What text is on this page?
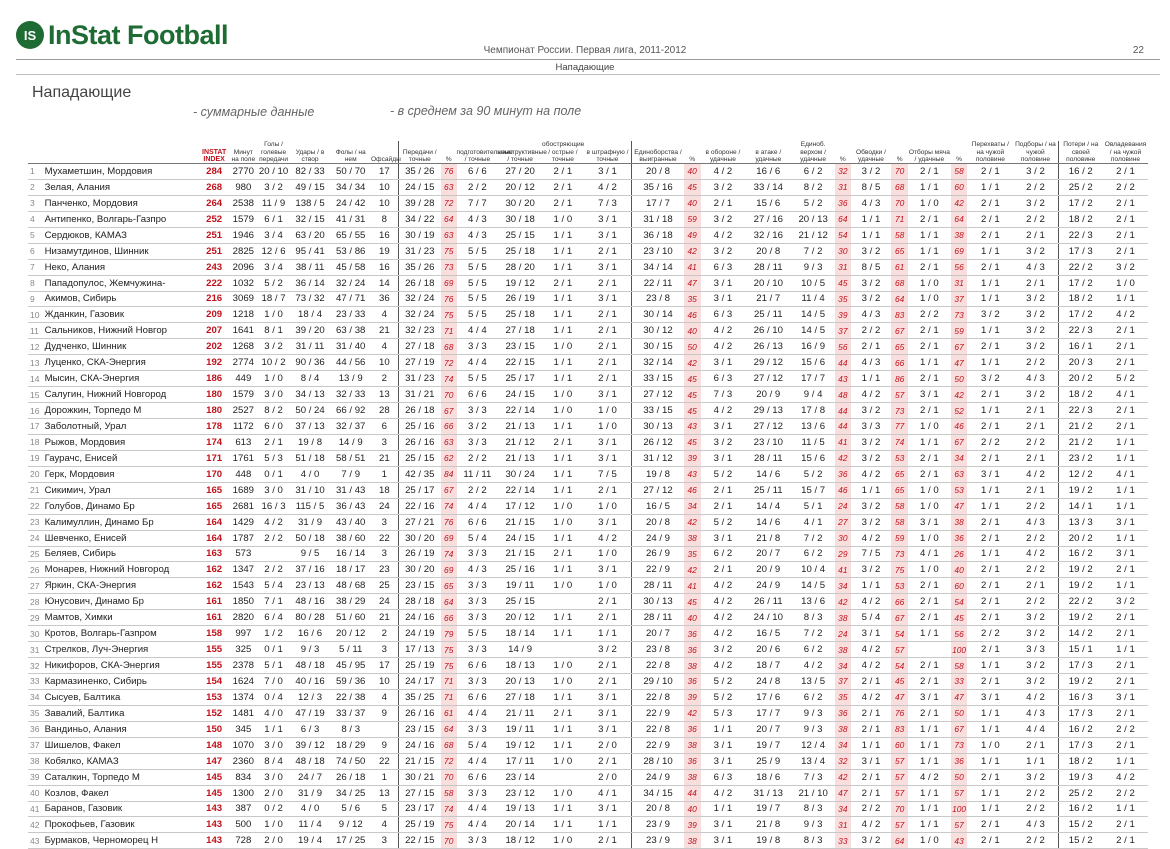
IS InStat Football
Чемпионат России. Первая лига, 2011-2012	22
Нападающие
Нападающие
- суммарные данные	- в среднем за 90 минут на поле
		INSTAT INDEX	Минут на поле	Голы / голевые передачи	Удары / в створ	Фолы / на нем	Офсайды	Передачи / точные	%	подготовительные / точные	конструктивные / точные	обостряющие / острые / точные	в штрафную / точные	Единоборства / выигранные	%	в обороне / удачные	в атаке / удачные	Единоб. верхом / удачные	%	Обводки / удачные	%	Отборы мяча / удачные	%	Перехваты / на чужой половине	Подборы / на чужой половине	Потери / на своей половине	Овладевания / на чужой половине
1	Мухаметшин, Мордовия	284	2770	20 / 10	82 / 33	50 / 70	17	35 / 26	76	6 / 6	27 / 20	2 / 1	3 / 1	20 / 8	40	4 / 2	16 / 6	6 / 2	32	3 / 2	70	2 / 1	58	2 / 1	3 / 2	16 / 2	2 / 1
2	Зелая, Алания	268	980	3 / 2	49 / 15	34 / 34	10	24 / 15	63	2 / 2	20 / 12	2 / 1	4 / 2	35 / 16	45	3 / 2	33 / 14	8 / 2	31	8 / 5	68	1 / 1	60	1 / 1	2 / 2	25 / 2	2 / 2
3	Панченко, Мордовия	264	2538	11 / 9	138 / 5	24 / 42	10	39 / 28	72	7 / 7	30 / 20	2 / 1	7 / 3	17 / 7	40	2 / 1	15 / 6	5 / 2	36	4 / 3	70	1 / 0	42	2 / 1	3 / 2	17 / 2	2 / 1
4	Антипенко, Волгарь-Газпро	252	1579	6 / 1	32 / 15	41 / 31	8	34 / 22	64	4 / 3	30 / 18	1 / 0	3 / 1	31 / 18	59	3 / 2	27 / 16	20 / 13	64	1 / 1	71	2 / 1	64	2 / 1	2 / 2	18 / 2	2 / 1
5	Сердюков, КАМАЗ	251	1946	3 / 4	63 / 20	65 / 55	16	30 / 19	63	4 / 3	25 / 15	1 / 1	3 / 1	36 / 18	49	4 / 2	32 / 16	21 / 12	54	1 / 1	58	1 / 1	38	2 / 1	2 / 1	22 / 3	2 / 1
6	Низамутдинов, Шинник	251	2825	12 / 6	95 / 41	53 / 86	19	31 / 23	75	5 / 5	25 / 18	1 / 1	2 / 1	23 / 10	42	3 / 2	20 / 8	7 / 2	30	3 / 2	65	1 / 1	69	1 / 1	3 / 2	17 / 3	2 / 1
7	Неко, Алания	243	2096	3 / 4	38 / 11	45 / 58	16	35 / 26	73	5 / 5	28 / 20	1 / 1	3 / 1	34 / 14	41	6 / 3	28 / 11	9 / 3	31	8 / 5	61	2 / 1	56	2 / 1	4 / 3	22 / 2	3 / 2
8	Пападопулос, Жемчужина-	222	1032	5 / 2	36 / 14	32 / 24	14	26 / 18	69	5 / 5	19 / 12	2 / 1	2 / 1	22 / 11	47	3 / 1	20 / 10	10 / 5	45	3 / 2	68	1 / 0	31	1 / 1	2 / 1	17 / 2	1 / 0
9	Акимов, Сибирь	216	3069	18 / 7	73 / 32	47 / 71	36	32 / 24	76	5 / 5	26 / 19	1 / 1	3 / 1	23 / 8	35	3 / 1	21 / 7	11 / 4	35	3 / 2	64	1 / 0	37	1 / 1	3 / 2	18 / 2	1 / 1
10	Жданкин, Газовик	209	1218	1 / 0	18 / 4	23 / 33	4	32 / 24	75	5 / 5	25 / 18	1 / 1	2 / 1	30 / 14	46	6 / 3	25 / 11	14 / 5	39	4 / 3	83	2 / 2	73	3 / 2	3 / 2	17 / 2	4 / 2
11	Сальников, Нижний Новгор	207	1641	8 / 1	39 / 20	63 / 38	21	32 / 23	71	4 / 4	27 / 18	1 / 1	2 / 1	30 / 12	40	4 / 2	26 / 10	14 / 5	37	2 / 2	67	2 / 1	59	1 / 1	3 / 2	22 / 3	2 / 1
12	Дудченко, Шинник	202	1268	3 / 2	31 / 11	31 / 40	4	27 / 18	68	3 / 3	23 / 15	1 / 0	2 / 1	30 / 15	50	4 / 2	26 / 13	16 / 9	56	2 / 1	65	2 / 1	67	2 / 1	3 / 2	16 / 1	2 / 1
13	Луценко, СКА-Энергия	192	2774	10 / 2	90 / 36	44 / 56	10	27 / 19	72	4 / 4	22 / 15	1 / 1	2 / 1	32 / 14	42	3 / 1	29 / 12	15 / 6	44	4 / 3	66	1 / 1	47	1 / 1	2 / 2	20 / 3	2 / 1
14	Мысин, СКА-Энергия	186	449	1 / 0	8 / 4	13 / 9	2	31 / 23	74	5 / 5	25 / 17	1 / 1	2 / 1	33 / 15	45	6 / 3	27 / 12	17 / 7	43	1 / 1	86	2 / 1	50	3 / 2	4 / 3	20 / 2	5 / 2
15	Салугин, Нижний Новгород	180	1579	3 / 0	34 / 13	32 / 33	13	31 / 21	70	6 / 6	24 / 15	1 / 0	3 / 1	27 / 12	45	7 / 3	20 / 9	9 / 4	48	4 / 2	57	3 / 1	42	2 / 1	3 / 2	18 / 2	4 / 1
16	Дорожкин, Торпедо М	180	2527	8 / 2	50 / 24	66 / 92	28	26 / 18	67	3 / 3	22 / 14	1 / 0	1 / 0	33 / 15	45	4 / 2	29 / 13	17 / 8	44	3 / 2	73	2 / 1	52	1 / 1	2 / 1	22 / 3	2 / 1
17	Заболотный, Урал	178	1172	6 / 0	37 / 13	32 / 37	6	25 / 16	66	3 / 2	21 / 13	1 / 1	1 / 0	30 / 13	43	3 / 1	27 / 12	13 / 6	44	3 / 3	77	1 / 0	46	2 / 1	2 / 1	21 / 2	2 / 1
18	Рыжов, Мордовия	174	613	2 / 1	19 / 8	14 / 9	3	26 / 16	63	3 / 3	21 / 12	2 / 1	3 / 1	26 / 12	45	3 / 2	23 / 10	11 / 5	41	3 / 2	74	1 / 1	67	2 / 2	2 / 2	21 / 2	1 / 1
19	Гаурачс, Енисей	171	1761	5 / 3	51 / 18	58 / 51	21	25 / 15	62	2 / 2	21 / 13	1 / 1	3 / 1	31 / 12	39	3 / 1	28 / 11	15 / 6	42	3 / 2	53	2 / 1	34	2 / 1	2 / 1	23 / 2	1 / 1
20	Герк, Мордовия	170	448	0 / 1	4 / 0	7 / 9	1	42 / 35	84	11 / 11	30 / 24	1 / 1	7 / 5	19 / 8	43	5 / 2	14 / 6	5 / 2	36	4 / 2	65	2 / 1	63	3 / 1	4 / 2	12 / 2	4 / 1
21	Сикимич, Урал	165	1689	3 / 0	31 / 10	31 / 43	18	25 / 17	67	2 / 2	22 / 14	1 / 1	2 / 1	27 / 12	46	2 / 1	25 / 11	15 / 7	46	1 / 1	65	1 / 0	53	1 / 1	2 / 1	19 / 2	1 / 1
22	Голубов, Динамо Бр	165	2681	16 / 3	115 / 5	36 / 43	24	22 / 16	74	4 / 4	17 / 12	1 / 0	1 / 0	16 / 5	34	2 / 1	14 / 4	5 / 1	24	3 / 2	58	1 / 0	47	1 / 1	2 / 2	14 / 1	1 / 1
23	Калимуллин, Динамо Бр	164	1429	4 / 2	31 / 9	43 / 40	3	27 / 21	76	6 / 6	21 / 15	1 / 0	3 / 1	20 / 8	42	5 / 2	14 / 6	4 / 1	27	3 / 2	58	3 / 1	38	2 / 1	4 / 3	13 / 3	3 / 1
24	Шевченко, Енисей	164	1787	2 / 2	50 / 18	38 / 60	22	30 / 20	69	5 / 4	24 / 15	1 / 1	4 / 2	24 / 9	38	3 / 1	21 / 8	7 / 2	30	4 / 2	59	1 / 0	36	2 / 1	2 / 2	20 / 2	1 / 1
25	Беляев, Сибирь	163	573		9 / 5	16 / 14	3	26 / 19	74	3 / 3	21 / 15	2 / 1	1 / 0	26 / 9	35	6 / 2	20 / 7	6 / 2	29	7 / 5	73	4 / 1	26	1 / 1	4 / 2	16 / 2	3 / 1
26	Монарев, Нижний Новгород	162	1347	2 / 2	37 / 16	18 / 17	23	30 / 20	69	4 / 3	25 / 16	1 / 1	3 / 1	22 / 9	42	2 / 1	20 / 9	10 / 4	41	3 / 2	75	1 / 0	40	2 / 1	2 / 2	19 / 2	2 / 1
27	Яркин, СКА-Энергия	162	1543	5 / 4	23 / 13	48 / 68	25	23 / 15	65	3 / 3	19 / 11	1 / 0	1 / 0	28 / 11	41	4 / 2	24 / 9	14 / 5	34	1 / 1	53	2 / 1	60	2 / 1	2 / 1	19 / 2	1 / 1
28	Юнусович, Динамо Бр	161	1850	7 / 1	48 / 16	38 / 29	24	28 / 18	64	3 / 3	25 / 15		2 / 1	30 / 13	45	4 / 2	26 / 11	13 / 6	42	4 / 2	66	2 / 1	54	2 / 1	2 / 2	22 / 2	3 / 2
29	Мамтов, Химки	161	2820	6 / 4	80 / 28	51 / 60	21	24 / 16	66	3 / 3	20 / 12	1 / 1	2 / 1	28 / 11	40	4 / 2	24 / 10	8 / 3	38	5 / 4	67	2 / 1	45	2 / 1	3 / 2	19 / 2	2 / 1
30	Кротов, Волгарь-Газпром	158	997	1 / 2	16 / 6	20 / 12	2	24 / 19	79	5 / 5	18 / 14	1 / 1	1 / 1	20 / 7	36	4 / 2	16 / 5	7 / 2	24	3 / 1	54	1 / 1	56	2 / 2	3 / 2	14 / 2	2 / 1
31	Стрелков, Луч-Энергия	155	325	0 / 1	9 / 3	5 / 11	3	17 / 13	75	3 / 3	14 / 9		3 / 2	23 / 8	36	3 / 2	20 / 6	6 / 2	38	4 / 2	57		100	2 / 1	3 / 3	15 / 1	1 / 1
32	Никифоров, СКА-Энергия	155	2378	5 / 1	48 / 18	45 / 95	17	25 / 19	75	6 / 6	18 / 13	1 / 0	2 / 1	22 / 8	38	4 / 2	18 / 7	4 / 2	34	4 / 2	54	2 / 1	58	1 / 1	3 / 2	17 / 3	2 / 1
33	Кармазиненко, Сибирь	154	1624	7 / 0	40 / 16	59 / 36	10	24 / 17	71	3 / 3	20 / 13	1 / 0	2 / 1	29 / 10	36	5 / 2	24 / 8	13 / 5	37	2 / 1	45	2 / 1	33	2 / 1	3 / 2	19 / 2	2 / 1
34	Сысуев, Балтика	153	1374	0 / 4	12 / 3	22 / 38	4	35 / 25	71	6 / 6	27 / 18	1 / 1	3 / 1	22 / 8	39	5 / 2	17 / 6	6 / 2	35	4 / 2	47	3 / 1	47	3 / 1	4 / 2	16 / 3	3 / 1
35	Завалий, Балтика	152	1481	4 / 0	47 / 19	33 / 37	9	26 / 16	61	4 / 4	21 / 11	2 / 1	3 / 1	22 / 9	42	5 / 3	17 / 7	9 / 3	36	2 / 1	76	2 / 1	50	1 / 1	4 / 3	17 / 3	2 / 1
36	Вандиньо, Алания	150	345	1 / 1	6 / 3	8 / 3		23 / 15	64	3 / 3	19 / 11	1 / 1	3 / 1	22 / 8	36	1 / 1	20 / 7	9 / 3	38	2 / 1	83	1 / 1	67	1 / 1	4 / 4	16 / 2	2 / 2
37	Шишелов, Факел	148	1070	3 / 0	39 / 12	18 / 29	9	24 / 16	68	5 / 4	19 / 12	1 / 1	2 / 0	22 / 9	38	3 / 1	19 / 7	12 / 4	34	1 / 1	60	1 / 1	73	1 / 0	2 / 1	17 / 3	2 / 1
38	Кобялко, КАМАЗ	147	2360	8 / 4	48 / 18	74 / 50	22	21 / 15	72	4 / 4	17 / 11	1 / 0	2 / 1	28 / 10	36	3 / 1	25 / 9	13 / 4	32	3 / 1	57	1 / 1	36	1 / 1	1 / 1	18 / 2	1 / 1
39	Саталкин, Торпедо М	145	834	3 / 0	24 / 7	26 / 18	1	30 / 21	70	6 / 6	23 / 14		2 / 0	24 / 9	38	6 / 3	18 / 6	7 / 3	42	2 / 1	57	4 / 2	50	2 / 1	3 / 2	19 / 3	4 / 2
40	Козлов, Факел	145	1300	2 / 0	31 / 9	34 / 25	13	27 / 15	58	3 / 3	23 / 12	1 / 0	4 / 1	34 / 15	44	4 / 2	31 / 13	21 / 10	47	2 / 1	57	1 / 1	57	1 / 1	2 / 2	25 / 2	2 / 2
41	Баранов, Газовик	143	387	0 / 2	4 / 0	5 / 6	5	23 / 17	74	4 / 4	19 / 13	1 / 1	3 / 1	20 / 8	40	1 / 1	19 / 7	8 / 3	34	2 / 2	70	1 / 1	100	1 / 1	2 / 2	16 / 2	1 / 1
42	Прокофьев, Газовик	143	500	1 / 0	11 / 4	9 / 12	4	25 / 19	75	4 / 4	20 / 14	1 / 1	1 / 1	23 / 9	39	3 / 1	21 / 8	9 / 3	31	4 / 2	57	1 / 1	57	2 / 1	4 / 3	15 / 2	2 / 1
43	Бурмаков, Черноморец Н	143	728	2 / 0	19 / 4	17 / 25	3	22 / 15	70	3 / 3	18 / 12	1 / 0	2 / 1	23 / 9	38	3 / 1	19 / 8	8 / 3	33	3 / 2	64	1 / 0	43	2 / 1	2 / 2	15 / 2	2 / 1
